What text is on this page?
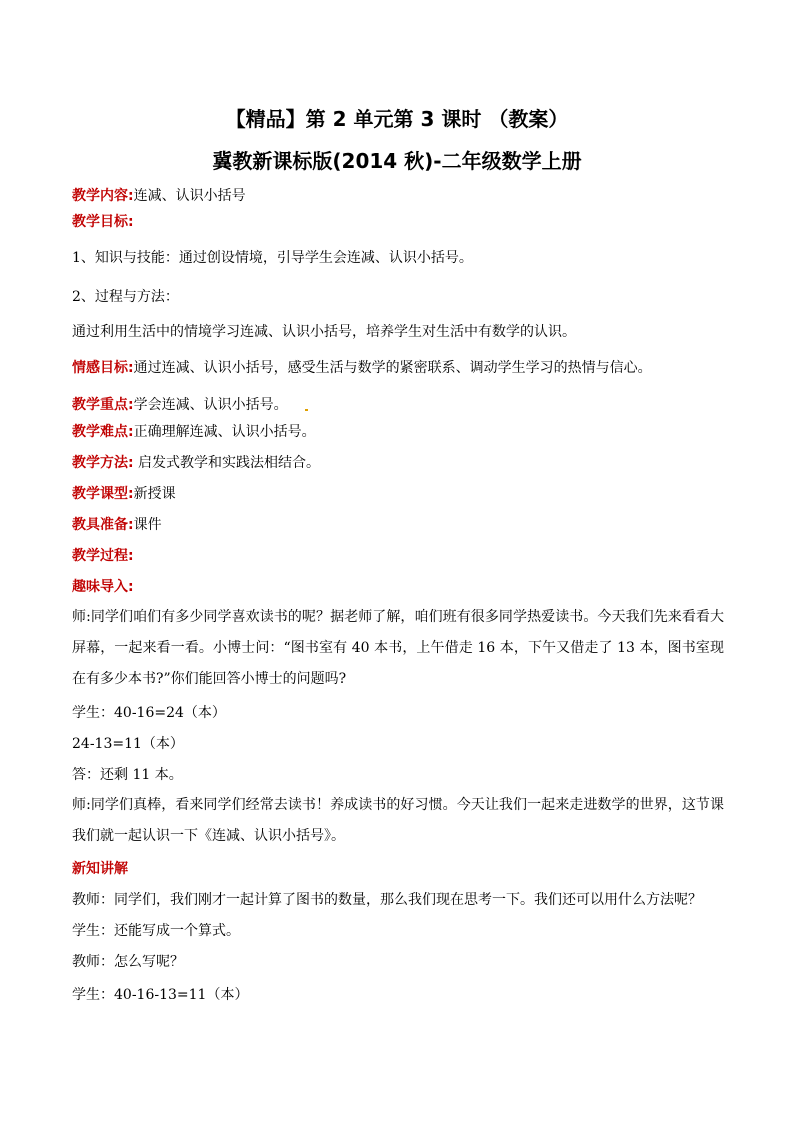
【精品】第 2 单元第 3 课时 （教案）
冀教新课标版(2014 秋)-二年级数学上册
教学内容:连减、认识小括号
教学目标:
1、知识与技能：通过创设情境，引导学生会连减、认识小括号。
2、过程与方法：
通过利用生活中的情境学习连减、认识小括号，培养学生对生活中有数学的认识。
情感目标:通过连减、认识小括号，感受生活与数学的紧密联系、调动学生学习的热情与信心。
教学重点:学会连减、认识小括号。
教学难点:正确理解连减、认识小括号。
教学方法: 启发式教学和实践法相结合。
教学课型:新授课
教具准备:课件
教学过程:
趣味导入:
师:同学们咱们有多少同学喜欢读书的呢？据老师了解，咱们班有很多同学热爱读书。今天我们先来看看大屏幕，一起来看一看。小博士问：“图书室有 40 本书，上午借走 16 本，下午又借走了 13 本，图书室现在有多少本书?”你们能回答小博士的问题吗?
学生：40-16=24（本）
24-13=11（本）
答：还剩 11 本。
师:同学们真棒，看来同学们经常去读书！养成读书的好习惯。今天让我们一起来走进数学的世界，这节课我们就一起认识一下《连减、认识小括号》。
新知讲解
教师：同学们，我们刚才一起计算了图书的数量，那么我们现在思考一下。我们还可以用什么方法呢？
学生：还能写成一个算式。
教师：怎么写呢？
学生：40-16-13=11（本）
